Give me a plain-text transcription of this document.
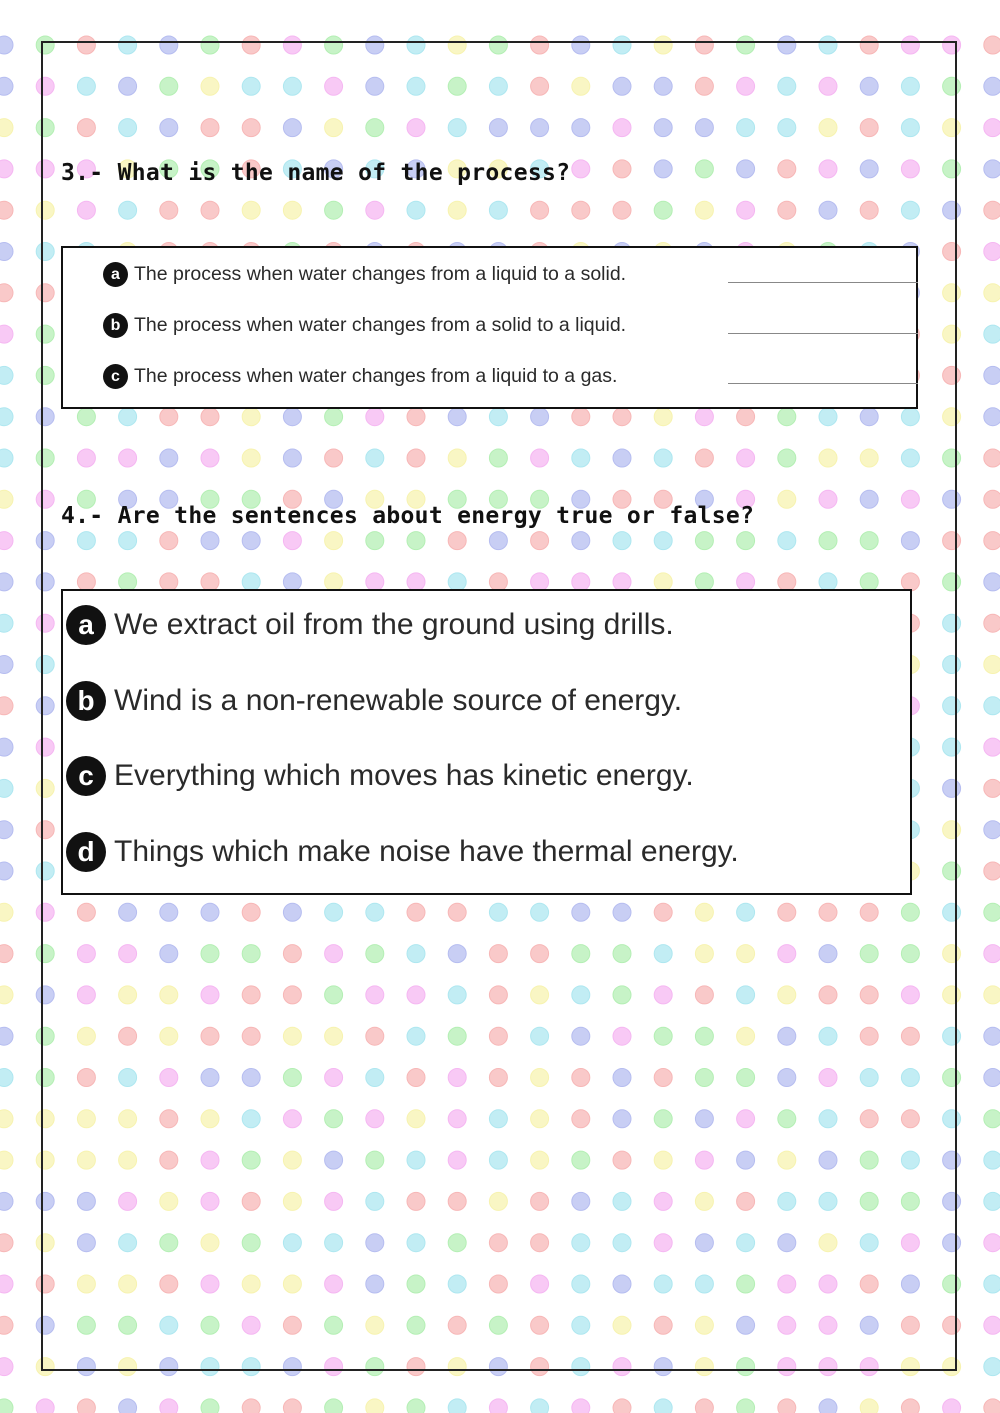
3.- What is the name of the process?
a The process when water changes from a liquid to a solid.
b The process when water changes from a solid to a liquid.
c The process when water changes from a liquid to a gas.
4.- Are the sentences about energy true or false?
a We extract oil from the ground using drills.
b Wind is a non-renewable source of energy.
c Everything which moves has kinetic energy.
d Things which make noise have thermal energy.
